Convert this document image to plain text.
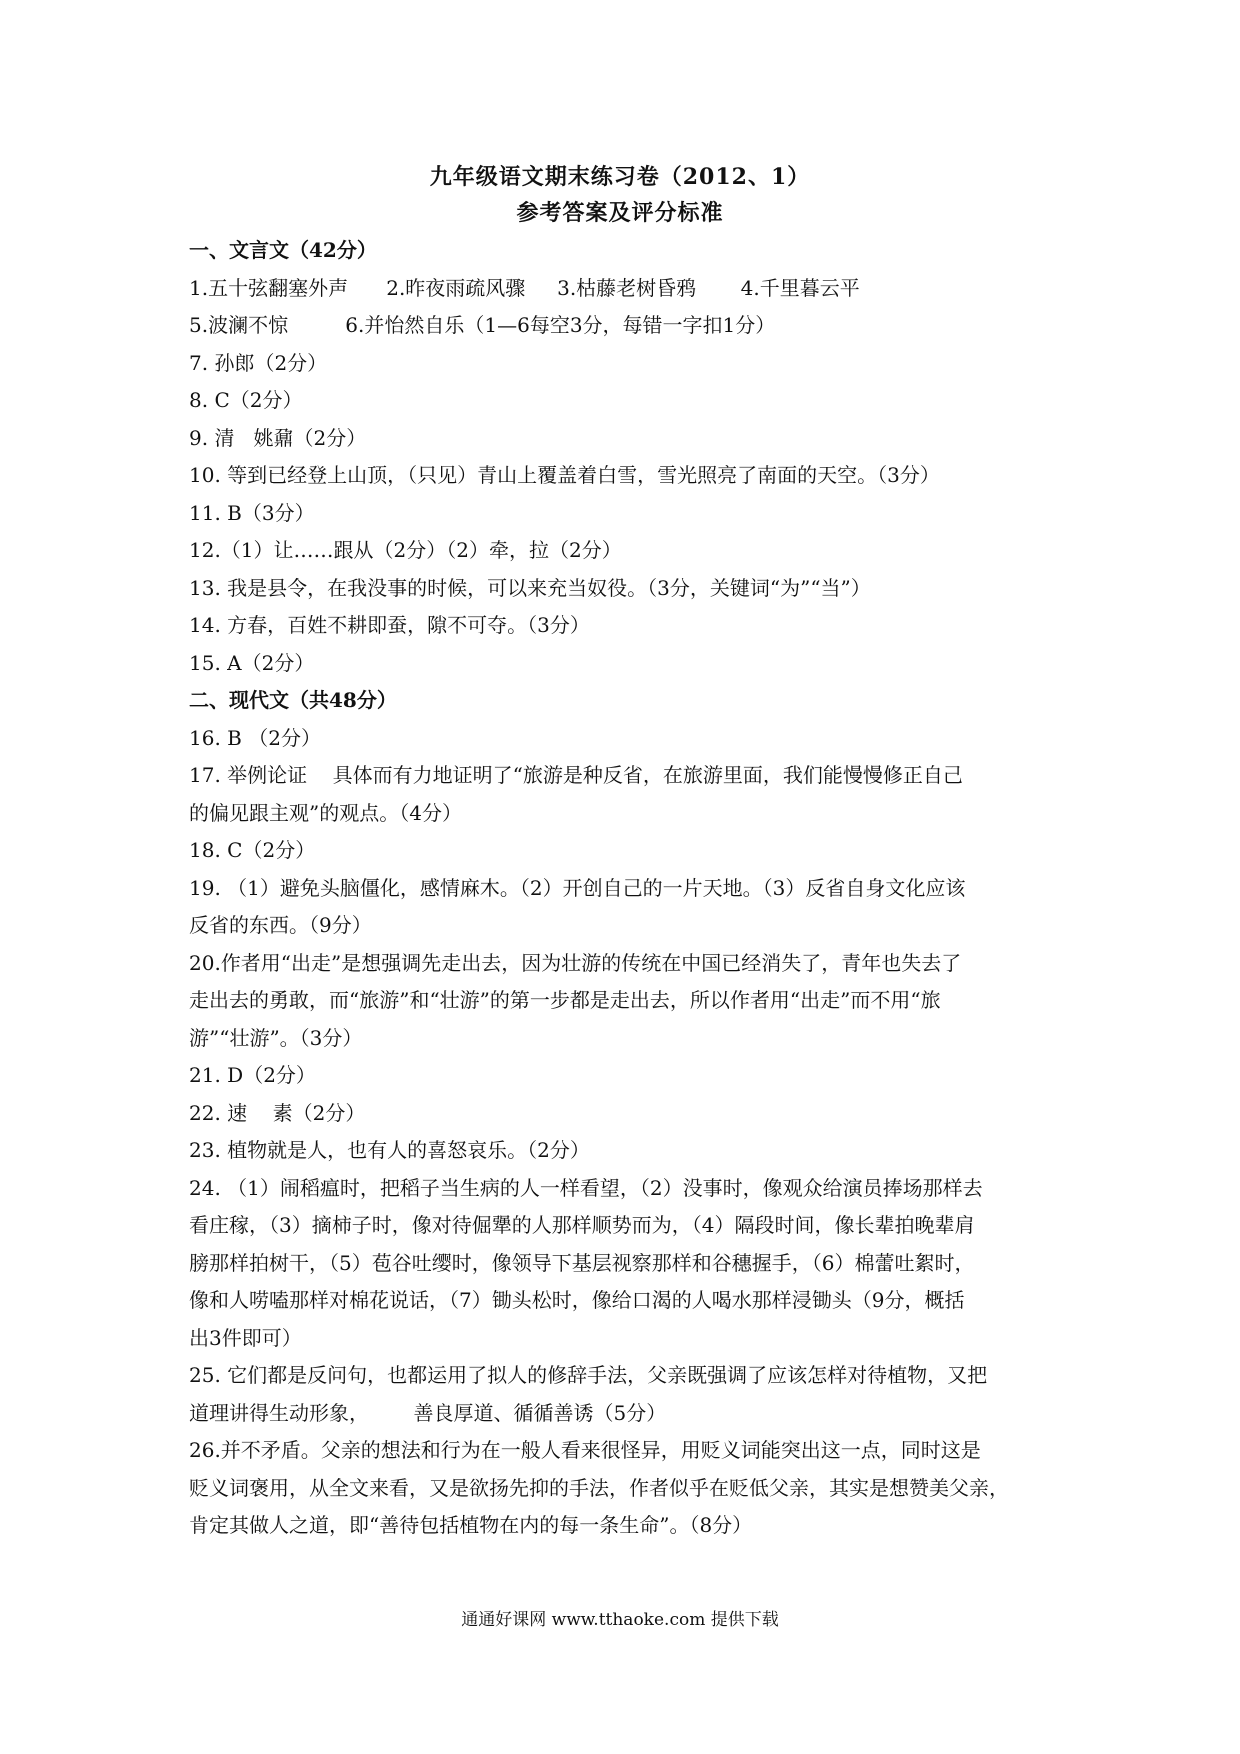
九年级语文期末练习卷（2012、1）
参考答案及评分标准
一、文言文（42分）
1.五十弦翻塞外声      2.昨夜雨疏风骤     3.枯藤老树昏鸦       4.千里暮云平
5.波澜不惊         6.并怡然自乐（1—6每空3分，每错一字扣1分）
7. 孙郎（2分）
8. C（2分）
9. 清   姚鼐（2分）
10. 等到已经登上山顶，（只见）青山上覆盖着白雪，雪光照亮了南面的天空。（3分）
11. B（3分）
12.（1）让……跟从（2分）（2）牵，拉（2分）
13. 我是县令，在我没事的时候，可以来充当奴役。（3分，关键词“为”“当”）
14. 方春，百姓不耕即蚕，隙不可夺。（3分）
15. A（2分）
二、现代文（共48分）
16. B （2分）
17. 举例论证    具体而有力地证明了“旅游是种反省，在旅游里面，我们能慢慢修正自己
的偏见跟主观”的观点。（4分）
18. C（2分）
19. （1）避免头脑僵化，感情麻木。（2）开创自己的一片天地。（3）反省自身文化应该
反省的东西。（9分）
20.作者用“出走”是想强调先走出去，因为壮游的传统在中国已经消失了，青年也失去了
走出去的勇敢，而“旅游”和“壮游”的第一步都是走出去，所以作者用“出走”而不用“旅
游”“壮游”。（3分）
21. D（2分）
22. 速    素（2分）
23. 植物就是人，也有人的喜怒哀乐。（2分）
24. （1）闹稻瘟时，把稻子当生病的人一样看望，（2）没事时，像观众给演员捧场那样去
看庄稼，（3）摘柿子时，像对待倔犟的人那样顺势而为，（4）隔段时间，像长辈拍晚辈肩
膀那样拍树干，（5）苞谷吐缨时，像领导下基层视察那样和谷穗握手，（6）棉蕾吐絮时，
像和人唠嗑那样对棉花说话，（7）锄头松时，像给口渴的人喝水那样浸锄头（9分，概括
出3件即可）
25. 它们都是反问句，也都运用了拟人的修辞手法，父亲既强调了应该怎样对待植物，又把
道理讲得生动形象，       善良厚道、循循善诱（5分）
26.并不矛盾。父亲的想法和行为在一般人看来很怪异，用贬义词能突出这一点，同时这是
贬义词褒用，从全文来看，又是欲扬先抑的手法，作者似乎在贬低父亲，其实是想赞美父亲，
肯定其做人之道，即“善待包括植物在内的每一条生命”。（8分）
通通好课网 www.tthaoke.com 提供下载
